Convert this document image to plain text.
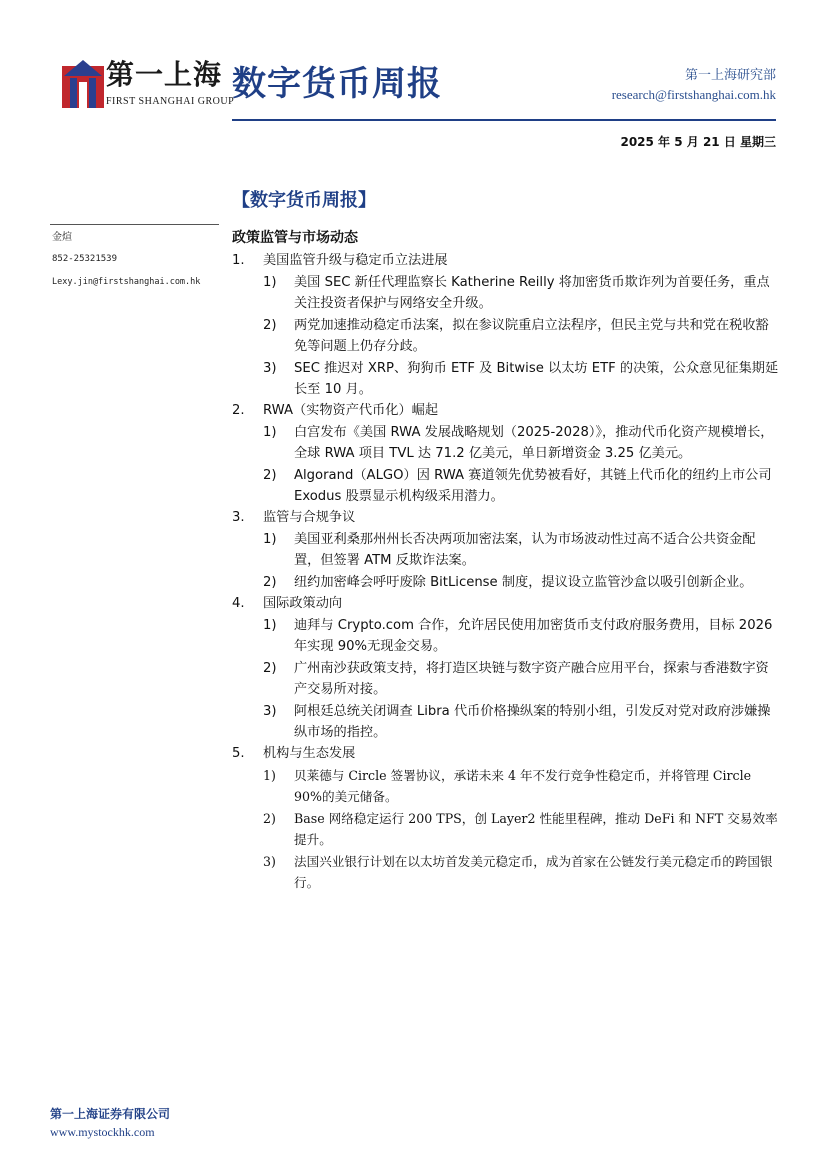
第一上海
FIRST SHANGHAI GROUP
数字货币周报	第一上海研究部
research@firstshanghai.com.hk
2025 年 5 月 21 日 星期三
金煊
852-25321539
Lexy.jin@firstshanghai.com.hk
【数字货币周报】
政策监管与市场动态

1. 美国监管升级与稳定币立法进展

1) 美国 SEC 新任代理监察长 Katherine Reilly 将加密货币欺诈列为首要任务，重点关注投资者保护与网络安全升级。

2) 两党加速推动稳定币法案，拟在参议院重启立法程序，但民主党与共和党在税收豁免等问题上仍存分歧。

3) SEC 推迟对 XRP、狗狗币 ETF 及 Bitwise 以太坊 ETF 的决策，公众意见征集期延长至 10 月。

2. RWA（实物资产代币化）崛起

1) 白宫发布《美国 RWA 发展战略规划（2025-2028）》，推动代币化资产规模增长，全球 RWA 项目 TVL 达 71.2 亿美元，单日新增资金 3.25 亿美元。

2) Algorand（ALGO）因 RWA 赛道领先优势被看好，其链上代币化的纽约上市公司 Exodus 股票显示机构级采用潜力。

3. 监管与合规争议

1) 美国亚利桑那州州长否决两项加密法案，认为市场波动性过高不适合公共资金配置，但签署 ATM 反欺诈法案。

2) 纽约加密峰会呼吁废除 BitLicense 制度，提议设立监管沙盒以吸引创新企业。

4. 国际政策动向

1) 迪拜与 Crypto.com 合作，允许居民使用加密货币支付政府服务费用，目标 2026 年实现 90%无现金交易。

2) 广州南沙获政策支持，将打造区块链与数字资产融合应用平台，探索与香港数字资产交易所对接。

3) 阿根廷总统关闭调查 Libra 代币价格操纵案的特别小组，引发反对党对政府涉嫌操纵市场的指控。

5. 机构与生态发展

1) 贝莱德与 Circle 签署协议，承诺未来 4 年不发行竞争性稳定币，并将管理 Circle 90%的美元储备。

2) Base 网络稳定运行 200 TPS，创 Layer2 性能里程碑，推动 DeFi 和 NFT 交易效率提升。

3) 法国兴业银行计划在以太坊首发美元稳定币，成为首家在公链发行美元稳定币的跨国银行。

第一上海证券有限公司
www.mystockhk.com
